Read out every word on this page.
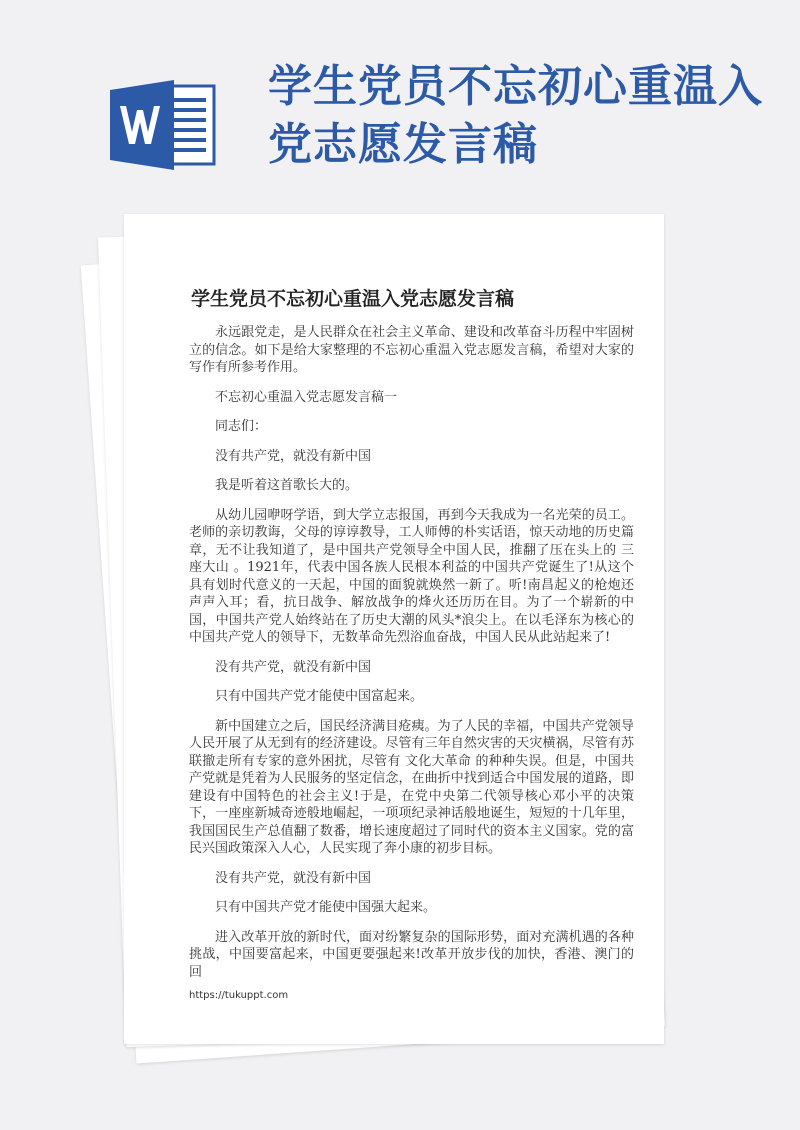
学生党员不忘初心重温入党志愿发言稿
学生党员不忘初心重温入党志愿发言稿

永远跟党走，是人民群众在社会主义革命、建设和改革奋斗历程中牢固树立的信念。如下是给大家整理的不忘初心重温入党志愿发言稿，希望对大家的写作有所参考作用。

不忘初心重温入党志愿发言稿一

同志们：

没有共产党，就没有新中国

我是听着这首歌长大的。

从幼儿园咿呀学语，到大学立志报国，再到今天我成为一名光荣的员工。老师的亲切教诲，父母的谆谆教导，工人师傅的朴实话语，惊天动地的历史篇章，无不让我知道了，是中国共产党领导全中国人民，推翻了压在头上的 三座大山 。1921年，代表中国各族人民根本利益的中国共产党诞生了!从这个具有划时代意义的一天起，中国的面貌就焕然一新了。听!南昌起义的枪炮还声声入耳；看，抗日战争、解放战争的烽火还历历在目。为了一个崭新的中国，中国共产党人始终站在了历史大潮的风头*浪尖上。在以毛泽东为核心的中国共产党人的领导下，无数革命先烈浴血奋战，中国人民从此站起来了!

没有共产党，就没有新中国

只有中国共产党才能使中国富起来。

新中国建立之后，国民经济满目疮痍。为了人民的幸福，中国共产党领导人民开展了从无到有的经济建设。尽管有三年自然灾害的天灾横祸，尽管有苏联撤走所有专家的意外困扰，尽管有 文化大革命 的种种失误。但是，中国共产党就是凭着为人民服务的坚定信念，在曲折中找到适合中国发展的道路，即建设有中国特色的社会主义!于是，在党中央第二代领导核心邓小平的决策下，一座座新城奇迹般地崛起，一项项纪录神话般地诞生，短短的十几年里，我国国民生产总值翻了数番，增长速度超过了同时代的资本主义国家。党的富民兴国政策深入人心，人民实现了奔小康的初步目标。

没有共产党，就没有新中国

只有中国共产党才能使中国强大起来。

进入改革开放的新时代，面对纷繁复杂的国际形势，面对充满机遇的各种挑战，中国要富起来，中国更要强起来!改革开放步伐的加快，香港、澳门的回

https://tukuppt.com
